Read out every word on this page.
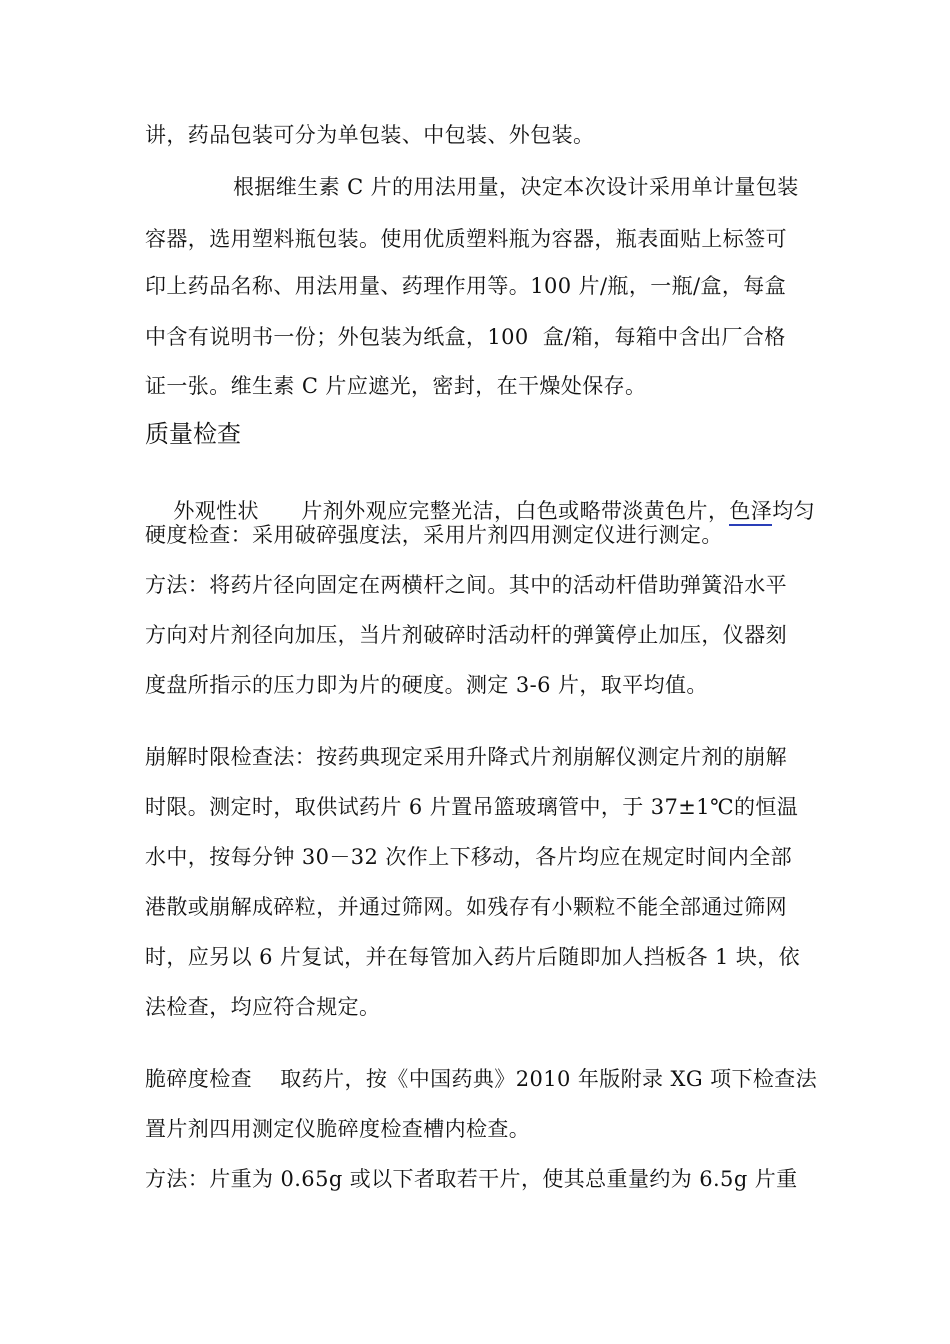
讲，药品包装可分为单包装、中包装、外包装。
根据维生素 C 片的用法用量，决定本次设计采用单计量包装
容器，选用塑料瓶包装。使用优质塑料瓶为容器，瓶表面贴上标签可
印上药品名称、用法用量、药理作用等。100 片/瓶，一瓶/盒，每盒
中含有说明书一份；外包装为纸盒，100  盒/箱，每箱中含出厂合格
证一张。维生素 C 片应遮光，密封，在干燥处保存。
质量检查

外观性状      片剂外观应完整光洁，白色或略带淡黄色片，色泽均匀

硬度检查：采用破碎强度法，采用片剂四用测定仪进行测定。
方法：将药片径向固定在两横杆之间。其中的活动杆借助弹簧沿水平
方向对片剂径向加压，当片剂破碎时活动杆的弹簧停止加压，仪器刻
度盘所指示的压力即为片的硬度。测定 3-6 片，取平均值。
崩解时限检查法：按药典现定采用升降式片剂崩解仪测定片剂的崩解
时限。测定时，取供试药片 6 片置吊篮玻璃管中，于 37±1℃的恒温
水中，按每分钟 30－32 次作上下移动，各片均应在规定时间内全部
港散或崩解成碎粒，并通过筛网。如残存有小颗粒不能全部通过筛网
时，应另以 6 片复试，并在每管加入药片后随即加人挡板各 1 块，依
法检查，均应符合规定。
脆碎度检查    取药片，按《中国药典》2010 年版附录 XG 项下检查法
置片剂四用测定仪脆碎度检查槽内检查。
方法：片重为 0.65g 或以下者取若干片，使其总重量约为 6.5g 片重
